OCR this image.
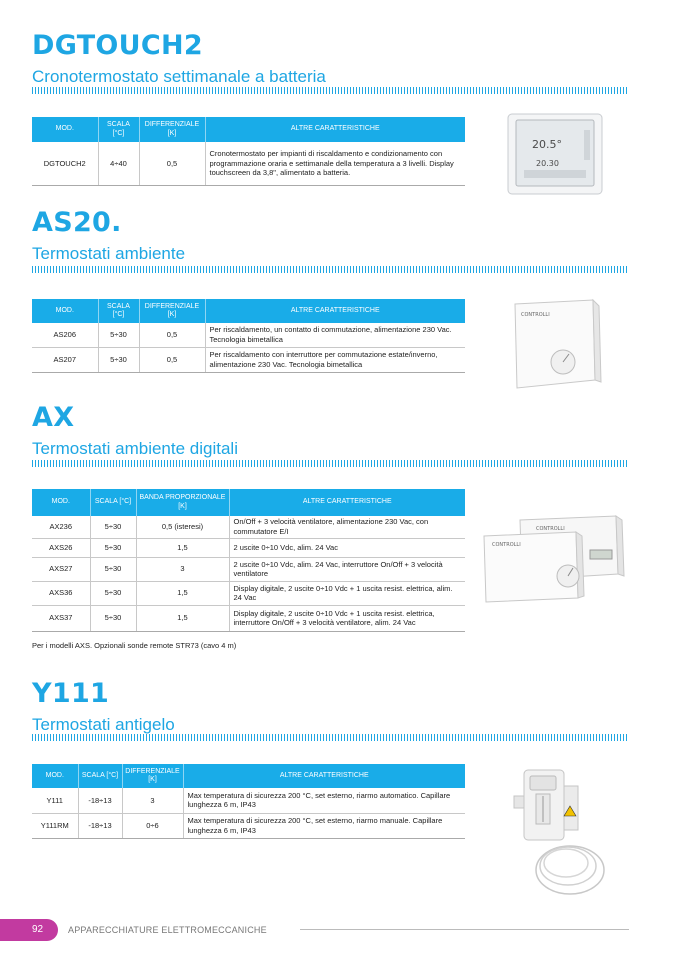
DGTOUCH2
Cronotermostato settimanale a batteria
MOD.	SCALA [°C]	DIFFERENZIALE [K]	ALTRE CARATTERISTICHE
DGTOUCH2	4÷40	0,5	Cronotermostato per impianti di riscaldamento e condizionamento con programmazione oraria e settimanale della temperatura a 3 livelli. Display touchscreen da 3,8", alimentato a batteria.
20.5°
20.30
AS20.
Termostati ambiente
MOD.	SCALA [°C]	DIFFERENZIALE [K]	ALTRE CARATTERISTICHE
AS206	5÷30	0,5	Per riscaldamento, un contatto di commutazione, alimentazione 230 Vac. Tecnologia bimetallica
AS207	5÷30	0,5	Per riscaldamento con interruttore per commutazione estate/inverno, alimentazione 230 Vac. Tecnologia bimetallica
CONTROLLI
AX
Termostati ambiente digitali
MOD.	SCALA [°C]	BANDA PROPORZIONALE [K]	ALTRE CARATTERISTICHE
AX236	5÷30	0,5 (isteresi)	On/Off + 3 velocità ventilatore, alimentazione 230 Vac, con commutatore E/I
AXS26	5÷30	1,5	2 uscite 0÷10 Vdc, alim. 24 Vac
AXS27	5÷30	3	2 uscite 0÷10 Vdc, alim. 24 Vac, interruttore On/Off + 3 velocità ventilatore
AXS36	5÷30	1,5	Display digitale, 2 uscite 0÷10 Vdc + 1 uscita resist. elettrica, alim. 24 Vac
AXS37	5÷30	1,5	Display digitale, 2 uscite 0÷10 Vdc + 1 uscita resist. elettrica, interruttore On/Off + 3 velocità ventilatore, alim. 24 Vac
Per i modelli AXS. Opzionali sonde remote STR73 (cavo 4 m)
CONTROLLI
CONTROLLI
Y111
Termostati antigelo
MOD.	SCALA [°C]	DIFFERENZIALE [K]	ALTRE CARATTERISTICHE
Y111	-18÷13	3	Max temperatura di sicurezza 200 °C, set esterno, riarmo automatico. Capillare lunghezza 6 m, IP43
Y111RM	-18÷13	0÷6	Max temperatura di sicurezza 200 °C, set esterno, riarmo manuale. Capillare lunghezza 6 m, IP43
92	APPARECCHIATURE ELETTROMECCANICHE
